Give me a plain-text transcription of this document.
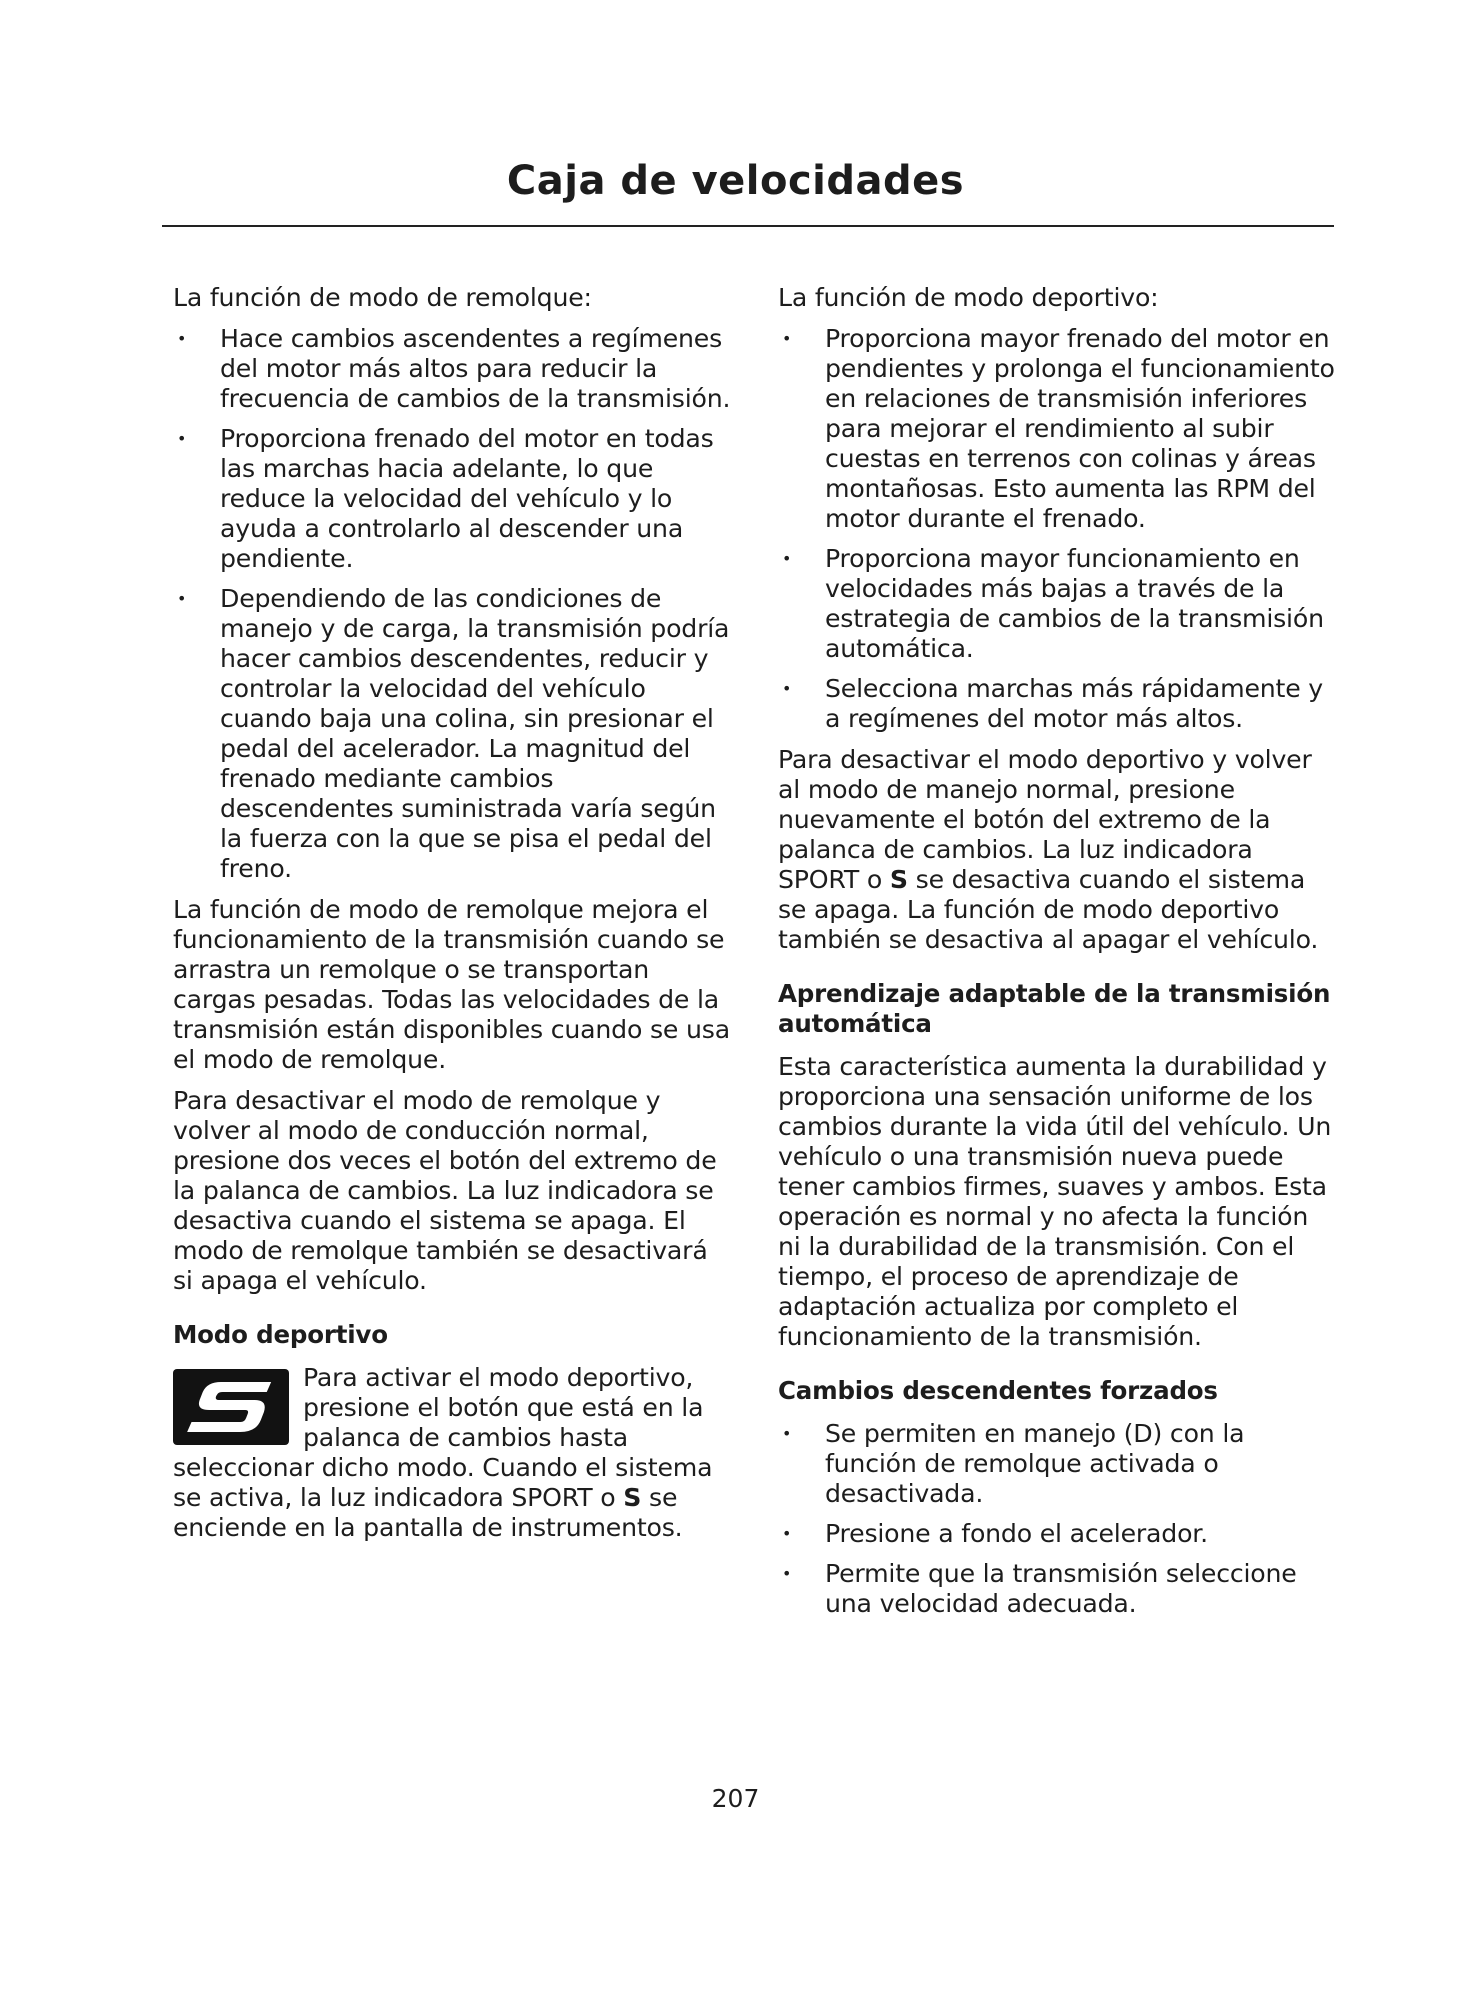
Caja de velocidades

La función de modo de remolque:

• Hace cambios ascendentes a regímenes del motor más altos para reducir la frecuencia de cambios de la transmisión.
• Proporciona frenado del motor en todas las marchas hacia adelante, lo que reduce la velocidad del vehículo y lo ayuda a controlarlo al descender una pendiente.
• Dependiendo de las condiciones de manejo y de carga, la transmisión podría hacer cambios descendentes, reducir y controlar la velocidad del vehículo cuando baja una colina, sin presionar el pedal del acelerador. La magnitud del frenado mediante cambios descendentes suministrada varía según la fuerza con la que se pisa el pedal del freno.

La función de modo de remolque mejora el funcionamiento de la transmisión cuando se arrastra un remolque o se transportan cargas pesadas. Todas las velocidades de la transmisión están disponibles cuando se usa el modo de remolque.

Para desactivar el modo de remolque y volver al modo de conducción normal, presione dos veces el botón del extremo de la palanca de cambios. La luz indicadora se desactiva cuando el sistema se apaga. El modo de remolque también se desactivará si apaga el vehículo.

Modo deportivo

Para activar el modo deportivo, presione el botón que está en la palanca de cambios hasta seleccionar dicho modo. Cuando el sistema se activa, la luz indicadora SPORT o S se enciende en la pantalla de instrumentos.

La función de modo deportivo:

• Proporciona mayor frenado del motor en pendientes y prolonga el funcionamiento en relaciones de transmisión inferiores para mejorar el rendimiento al subir cuestas en terrenos con colinas y áreas montañosas. Esto aumenta las RPM del motor durante el frenado.
• Proporciona mayor funcionamiento en velocidades más bajas a través de la estrategia de cambios de la transmisión automática.
• Selecciona marchas más rápidamente y a regímenes del motor más altos.

Para desactivar el modo deportivo y volver al modo de manejo normal, presione nuevamente el botón del extremo de la palanca de cambios. La luz indicadora SPORT o S se desactiva cuando el sistema se apaga. La función de modo deportivo también se desactiva al apagar el vehículo.

Aprendizaje adaptable de la transmisión automática

Esta característica aumenta la durabilidad y proporciona una sensación uniforme de los cambios durante la vida útil del vehículo. Un vehículo o una transmisión nueva puede tener cambios firmes, suaves y ambos. Esta operación es normal y no afecta la función ni la durabilidad de la transmisión. Con el tiempo, el proceso de aprendizaje de adaptación actualiza por completo el funcionamiento de la transmisión.

Cambios descendentes forzados
• Se permiten en manejo (D) con la función de remolque activada o desactivada.
• Presione a fondo el acelerador.
• Permite que la transmisión seleccione una velocidad adecuada.
207
